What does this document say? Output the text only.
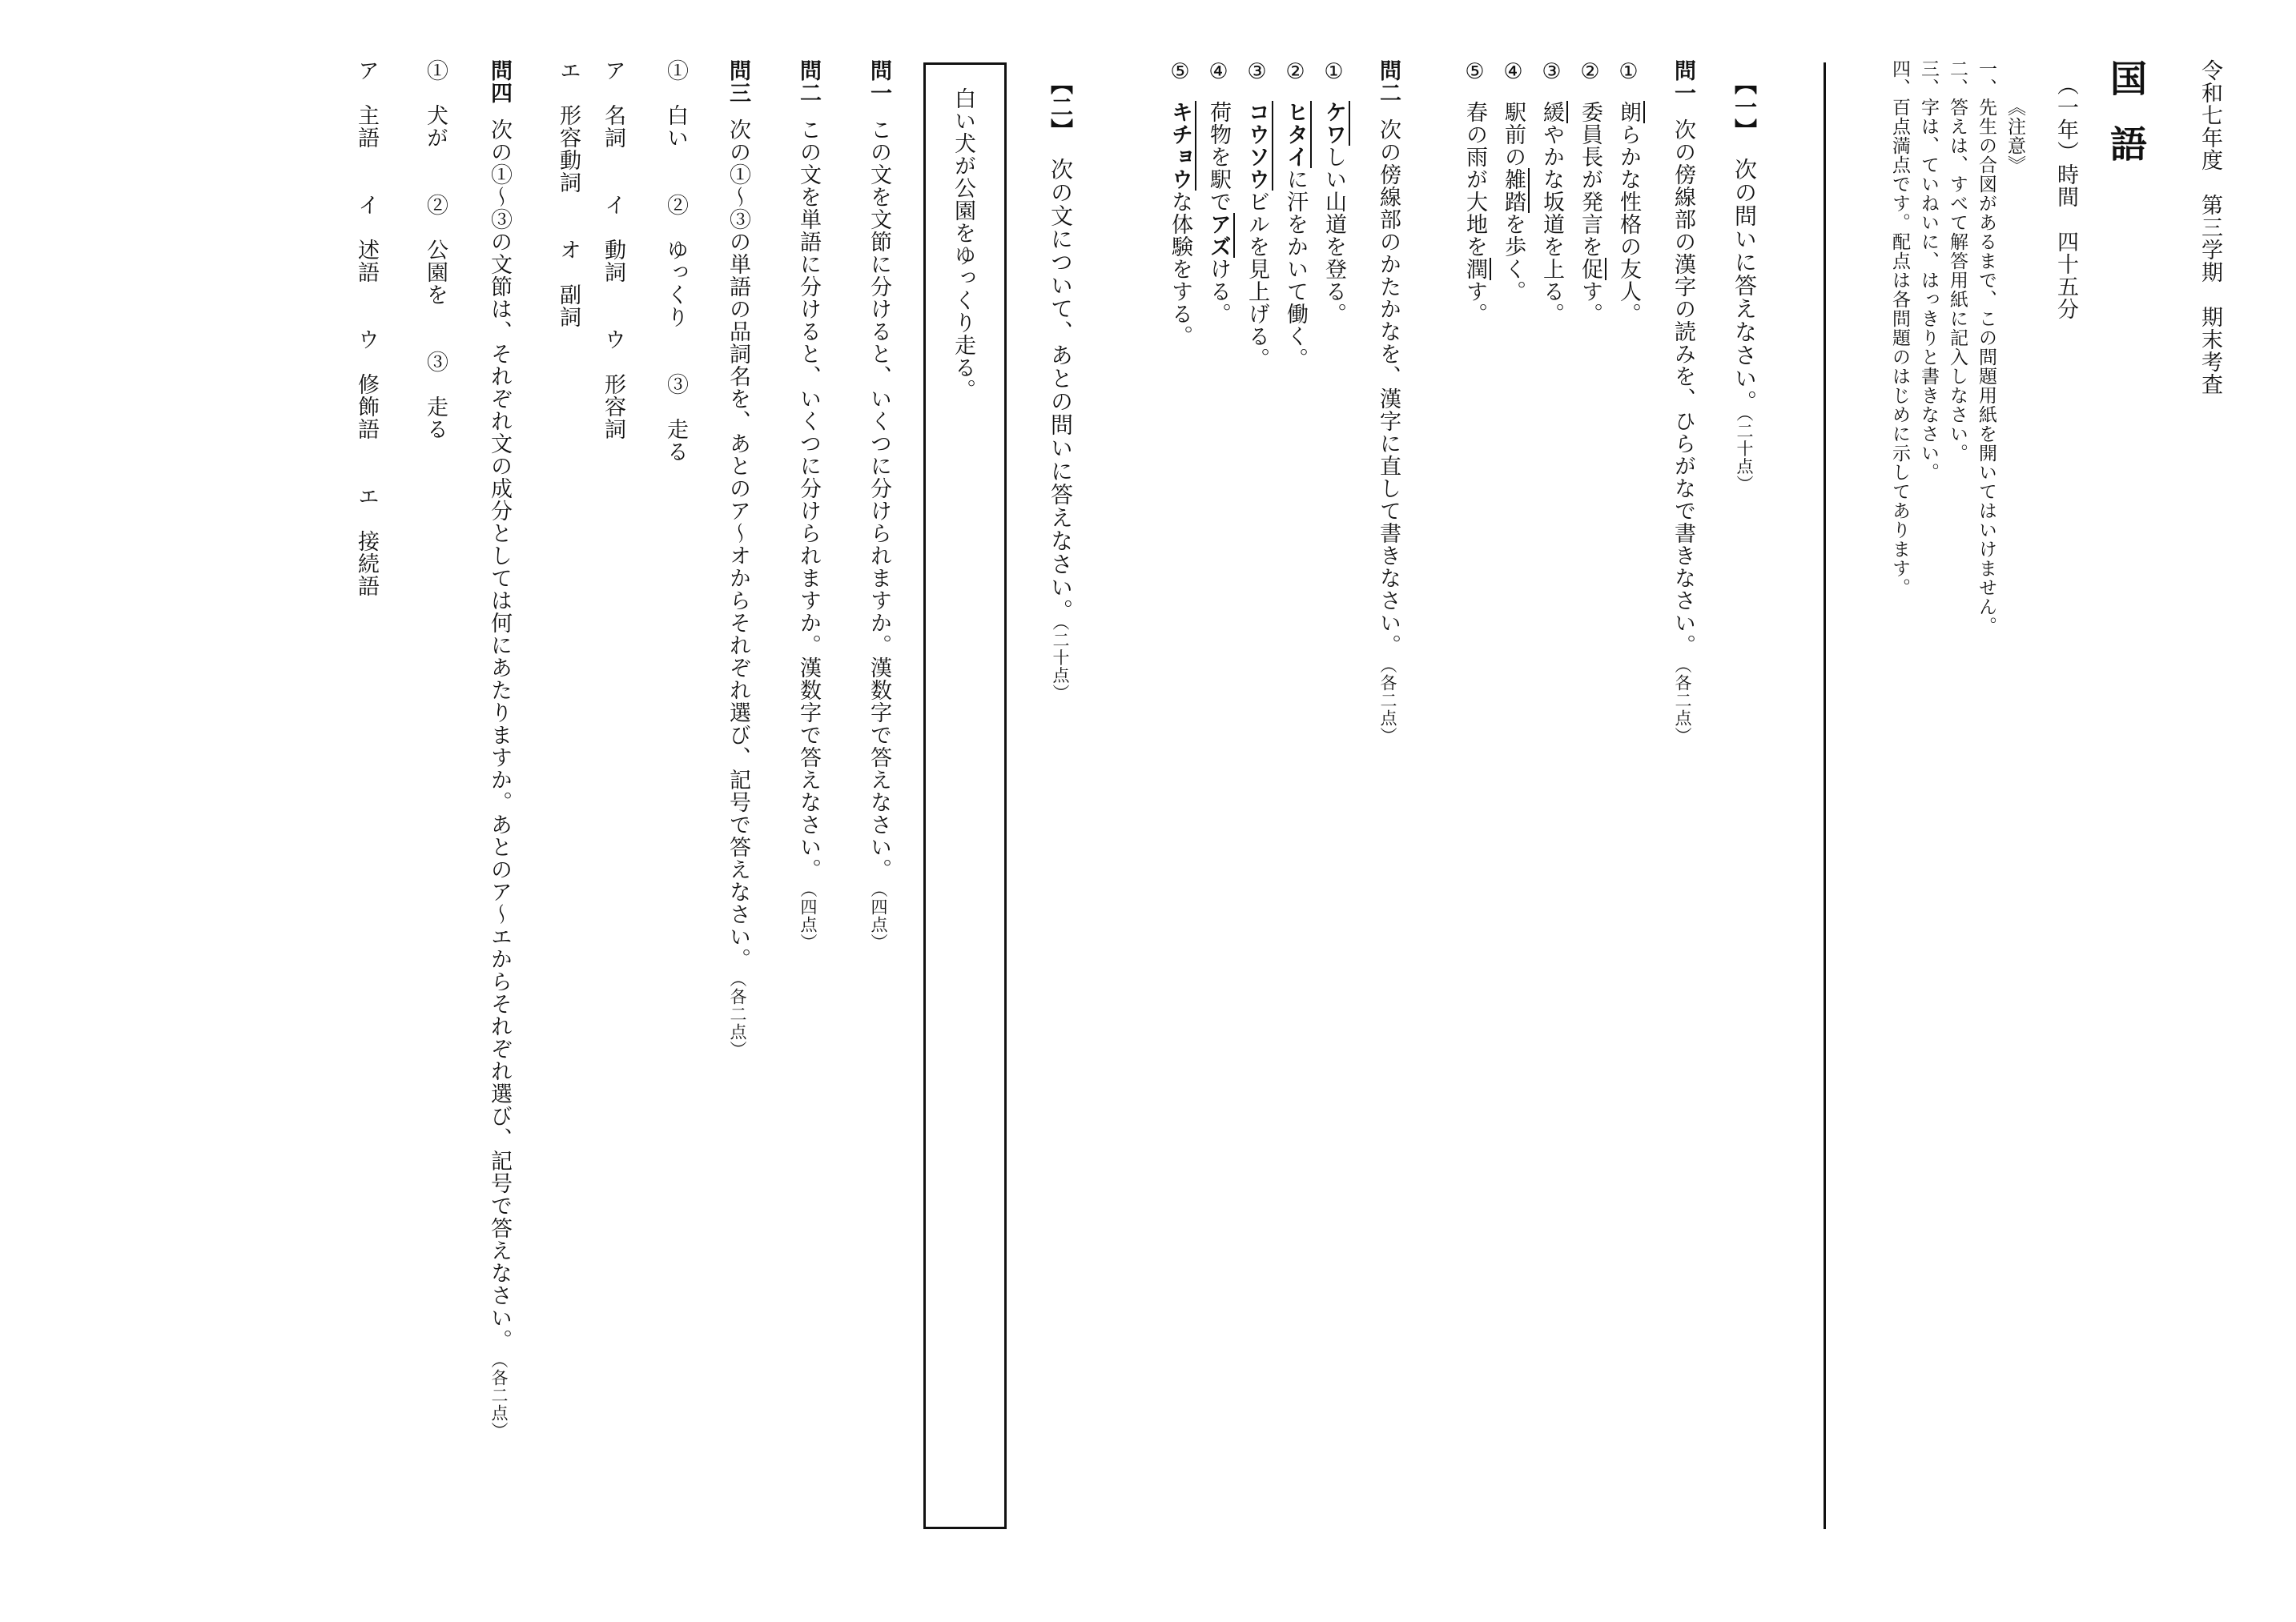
令和七年度　第三学期　期末考査
国語
（一年）時間　四十五分
《注意》
一、先生の合図があるまで、この問題用紙を開いてはいけません。
二、答えは、すべて解答用紙に記入しなさい。
三、字は、ていねいに、はっきりと書きなさい。
四、百点満点です。配点は各問題のはじめに示してあります。
【一】次の問いに答えなさい。（二十点）
問一次の傍線部の漢字の読みを、ひらがなで書きなさい。（各二点）
①朗らかな性格の友人。
②委員長が発言を促す。
③緩やかな坂道を上る。
④駅前の雑踏を歩く。
⑤春の雨が大地を潤す。
問二次の傍線部のかたかなを、漢字に直して書きなさい。（各二点）
①ケワしい山道を登る。
②ヒタイに汗をかいて働く。
③コウソウビルを見上げる。
④荷物を駅でアズける。
⑤キチョウな体験をする。
【二】次の文について、あとの問いに答えなさい。（二十点）
白い犬が公園をゆっくり走る。
問一この文を文節に分けると、いくつに分けられますか。漢数字で答えなさい。（四点）
問二この文を単語に分けると、いくつに分けられますか。漢数字で答えなさい。（四点）
問三次の①～③の単語の品詞名を、あとのア～オからそれぞれ選び、記号で答えなさい。（各二点）
①　白い　　②　ゆっくり　　③　走る
ア　名詞　　イ　動詞　　ウ　形容詞
エ　形容動詞　　オ　副詞
問四次の①～③の文節は、それぞれ文の成分としては何にあたりますか。あとのア～エからそれぞれ選び、記号で答えなさい。（各二点）
①　犬が　　②　公園を　　③　走る
ア　主語　　イ　述語　　ウ　修飾語　　エ　接続語
